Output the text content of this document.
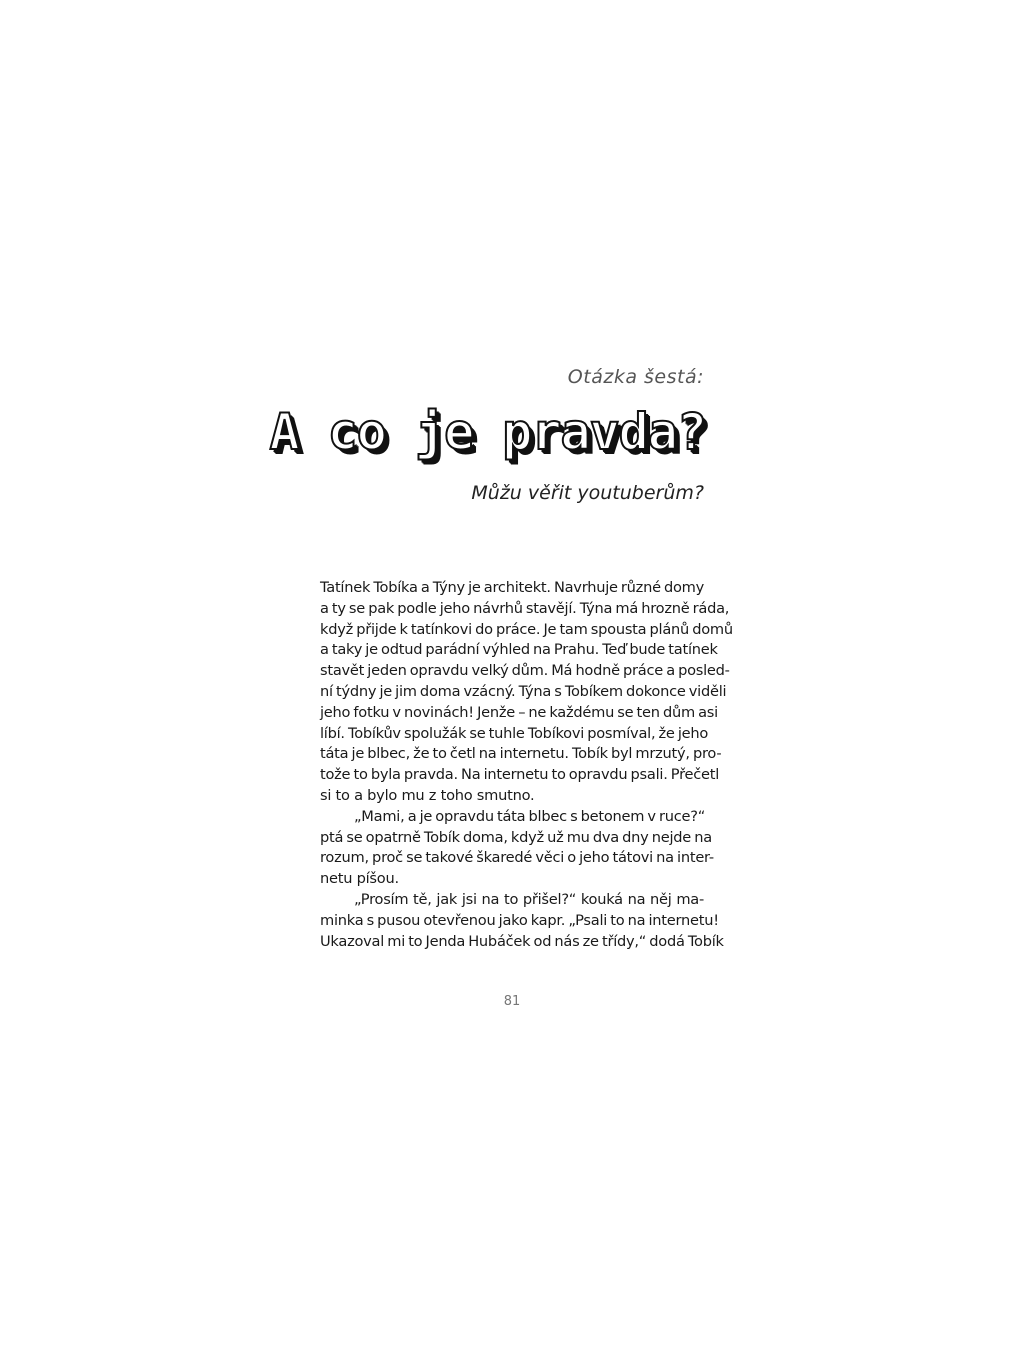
Otázka šestá:
A co je pravda?
Můžu věřit youtuberům?
Tatínek Tobíka a Týny je architekt. Navrhuje různé domy
a ty se pak podle jeho návrhů stavějí. Týna má hrozně ráda,
když přijde k tatínkovi do práce. Je tam spousta plánů domů
a taky je odtud parádní výhled na Prahu. Teď bude tatínek
stavět jeden opravdu velký dům. Má hodně práce a posled-
ní týdny je jim doma vzácný. Týna s Tobíkem dokonce viděli
jeho fotku v novinách! Jenže – ne každému se ten dům asi
líbí. Tobíkův spolužák se tuhle Tobíkovi posmíval, že jeho
táta je blbec, že to četl na internetu. Tobík byl mrzutý, pro-
tože to byla pravda. Na internetu to opravdu psali. Přečetl
si to a bylo mu z toho smutno.
„Mami, a je opravdu táta blbec s betonem v ruce?“
ptá se opatrně Tobík doma, když už mu dva dny nejde na
rozum, proč se takové škaredé věci o jeho tátovi na inter-
netu píšou.
„Prosím tě, jak jsi na to přišel?“ kouká na něj ma-
minka s pusou otevřenou jako kapr. „Psali to na internetu!
Ukazoval mi to Jenda Hubáček od nás ze třídy,“ dodá Tobík
81
